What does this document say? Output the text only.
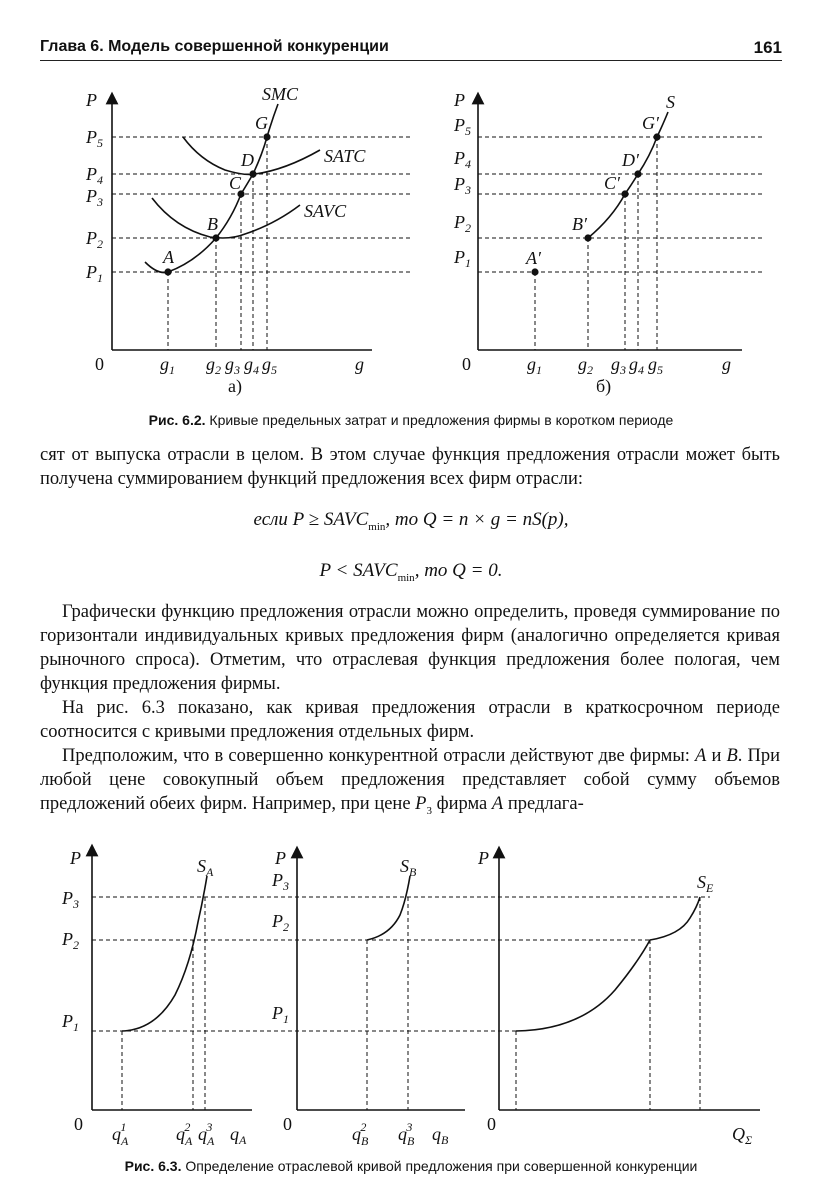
Глава 6. Модель совершенной конкуренции	161
P
$P_5$
$P_4$
$P_3$
$P_2$
$P_1$
0	$g_1$ $g_2$ $g_3$ $g_4$ $g_5$	g
A
B
C
D
G
SMC
SATC
SAVC
а)
P
$P_5$
$P_4$
$P_3$
$P_2$
$P_1$
0	$g_1$ $g_2$ $g_3$ $g_4$ $g_5$	g
A′
B′
C′
D′
G′
S
б)
Рис. 6.2. Кривые предельных затрат и предложения фирмы в коротком периоде

сят от выпуска отрасли в целом. В этом случае функция предложения отрасли может быть получена суммированием функций предложения всех фирм отрасли:

если $P \ge SAVC_{min}$, то Q = n × g = nS(p),
$P < SAVC_{min}$, то Q = 0.

Графически функцию предложения отрасли можно определить, проведя суммирование по горизонтали индивидуальных кривых предложения фирм (аналогично определяется кривая рыночного спроса). Отметим, что отраслевая функция предложения более пологая, чем функция предложения фирмы.

На рис. 6.3 показано, как кривая предложения отрасли в краткосрочном периоде соотносится с кривыми предложения отдельных фирм.

Предположим, что в совершенно конкурентной отрасли действуют две фирмы: A и B. При любой цене совокупный объем предложения представляет собой сумму объемов предложений обеих фирм. Например, при цене $P_3$ фирма A предлага-

P
$P_3$
$P_2$
$P_1$
0 $q_A1$	$q_A2$ $q_A3$ $q_A$
$S_A$
P
$P_3$
$P_2$
$P_1$
0	$q_B2$ $q_B3$ $q_B$
$S_B$
P
0	$Q_\Sigma$
$S_E$
Рис. 6.3. Определение отраслевой кривой предложения при совершенной конкуренции
